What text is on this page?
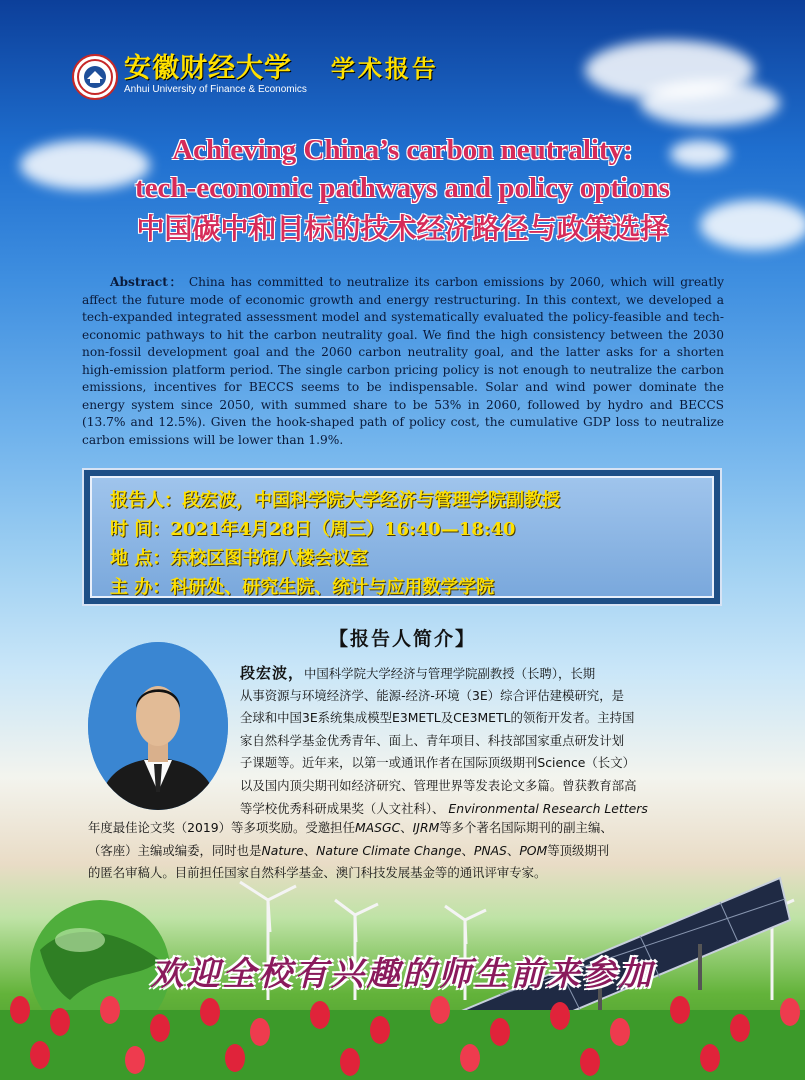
安徽财经大学
Anhui University of Finance & Economics
学术报告
Achieving China’s carbon neutrality:
tech-economic pathways and policy options
中国碳中和目标的技术经济路径与政策选择
Abstract： China has committed to neutralize its carbon emissions by 2060, which will greatly affect the future mode of economic growth and energy restructuring. In this context, we developed a tech-expanded integrated assessment model and systematically evaluated the policy-feasible and tech-economic pathways to hit the carbon neutrality goal. We find the high consistency between the 2030 non-fossil development goal and the 2060 carbon neutrality goal, and the latter asks for a shorten high-emission platform period. The single carbon pricing policy is not enough to neutralize the carbon emissions, incentives for BECCS seems to be indispensable. Solar and wind power dominate the energy system since 2050, with summed share to be 53% in 2060, followed by hydro and BECCS (13.7% and 12.5%). Given the hook-shaped path of policy cost, the cumulative GDP loss to neutralize carbon emissions will be lower than 1.9%.
报告人：段宏波，中国科学院大学经济与管理学院副教授
时 间：2021年4月28日（周三）16:40—18:40
地 点：东校区图书馆八楼会议室
主 办：科研处、研究生院、统计与应用数学学院
【报告人简介】
段宏波，中国科学院大学经济与管理学院副教授（长聘），长期
从事资源与环境经济学、能源-经济-环境（3E）综合评估建模研究，是
全球和中国3E系统集成模型E3METL及CE3METL的领衔开发者。主持国
家自然科学基金优秀青年、面上、青年项目、科技部国家重点研发计划
子课题等。近年来，以第一或通讯作者在国际顶级期刊Science（长文）
以及国内顶尖期刊如经济研究、管理世界等发表论文多篇。曾获教育部高
等学校优秀科研成果奖（人文社科）、 Environmental Research Letters
年度最佳论文奖（2019）等多项奖励。受邀担任MASGC、IJRM等多个著名国际期刊的副主编、
（客座）主编或编委，同时也是Nature、Nature Climate Change、PNAS、POM等顶级期刊
的匿名审稿人。目前担任国家自然科学基金、澳门科技发展基金等的通讯评审专家。
欢迎全校有兴趣的师生前来参加
